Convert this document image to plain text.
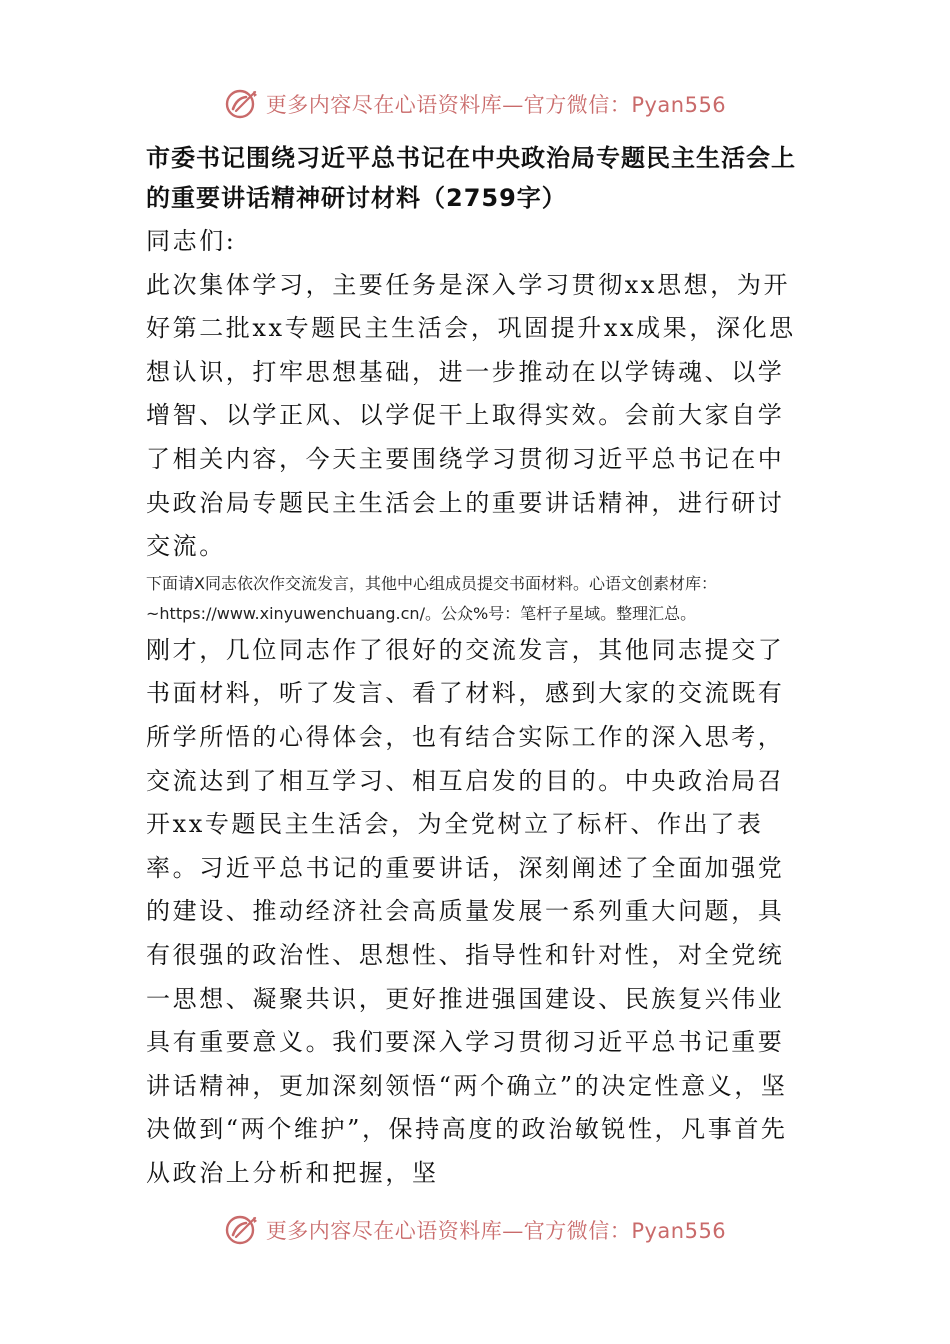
更多内容尽在心语资料库—官方微信：Pyan556
市委书记围绕习近平总书记在中央政治局专题民主生活会上的重要讲话精神研讨材料（2759字）

同志们:

此次集体学习，主要任务是深入学习贯彻xx思想，为开好第二批xx专题民主生活会，巩固提升xx成果，深化思想认识，打牢思想基础，进一步推动在以学铸魂、以学增智、以学正风、以学促干上取得实效。会前大家自学了相关内容，今天主要围绕学习贯彻习近平总书记在中央政治局专题民主生活会上的重要讲话精神，进行研讨交流。

下面请X同志依次作交流发言，其他中心组成员提交书面材料。心语文创素材库：~https://www.xinyuwenchuang.cn/。公众%号：笔杆子星域。整理汇总。

刚才，几位同志作了很好的交流发言，其他同志提交了书面材料，听了发言、看了材料，感到大家的交流既有所学所悟的心得体会，也有结合实际工作的深入思考，交流达到了相互学习、相互启发的目的。中央政治局召开xx专题民主生活会，为全党树立了标杆、作出了表率。习近平总书记的重要讲话，深刻阐述了全面加强党的建设、推动经济社会高质量发展一系列重大问题，具有很强的政治性、思想性、指导性和针对性，对全党统一思想、凝聚共识，更好推进强国建设、民族复兴伟业具有重要意义。我们要深入学习贯彻习近平总书记重要讲话精神，更加深刻领悟“两个确立”的决定性意义，坚决做到“两个维护”，保持高度的政治敏锐性，凡事首先从政治上分析和把握，坚

更多内容尽在心语资料库—官方微信：Pyan556
